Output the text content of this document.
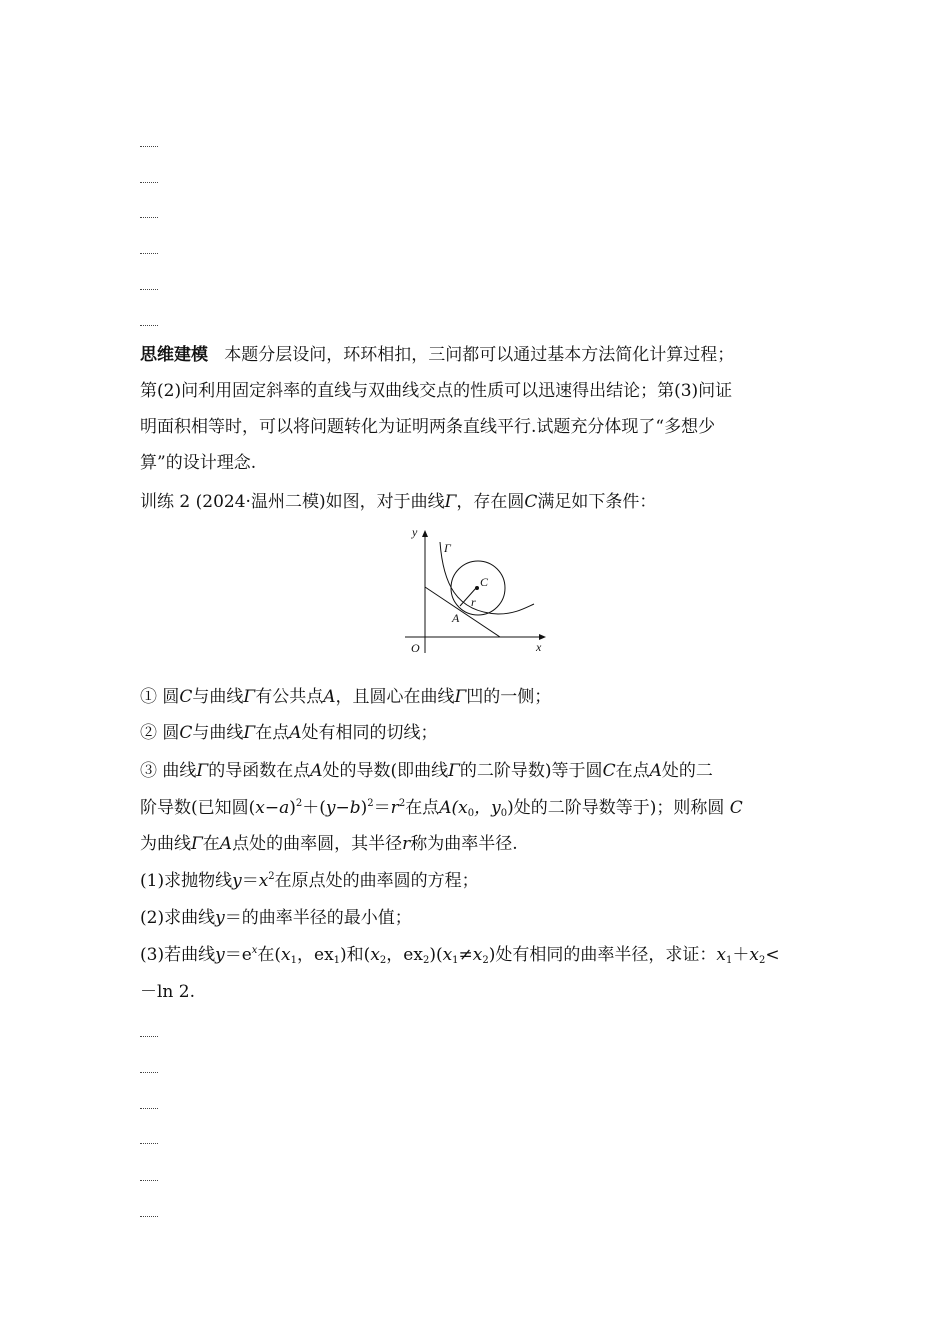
思维建模 本题分层设问，环环相扣，三问都可以通过基本方法简化计算过程；
第(2)问利用固定斜率的直线与双曲线交点的性质可以迅速得出结论；第(3)问证
明面积相等时，可以将问题转化为证明两条直线平行.试题充分体现了“多想少
算”的设计理念.
训练 2 (2024·温州二模)如图，对于曲线Γ，存在圆C满足如下条件：
y
x
O
Γ
C
r
A
① 圆C与曲线Γ有公共点A，且圆心在曲线Γ凹的一侧；
② 圆C与曲线Γ在点A处有相同的切线；
③ 曲线Γ的导函数在点A处的导数(即曲线Γ的二阶导数)等于圆C在点A处的二
阶导数(已知圆$(x-a)^2+(y-b)^2=r^2$在点$A(x_0$，$y_0$)处的二阶导数等于)；则称圆 C
为曲线Γ在A点处的曲率圆，其半径r称为曲率半径.
(1)求抛物线$y=x^2$在原点处的曲率圆的方程；
(2)求曲线y＝的曲率半径的最小值；
(3)若曲线$y=e^x$在($x_1$，$ex_1$)和($x_2$，$ex_2)(x_1\ne x_2)$处有相同的曲率半径，求证：$x_1+x_2<$
－ln 2.
